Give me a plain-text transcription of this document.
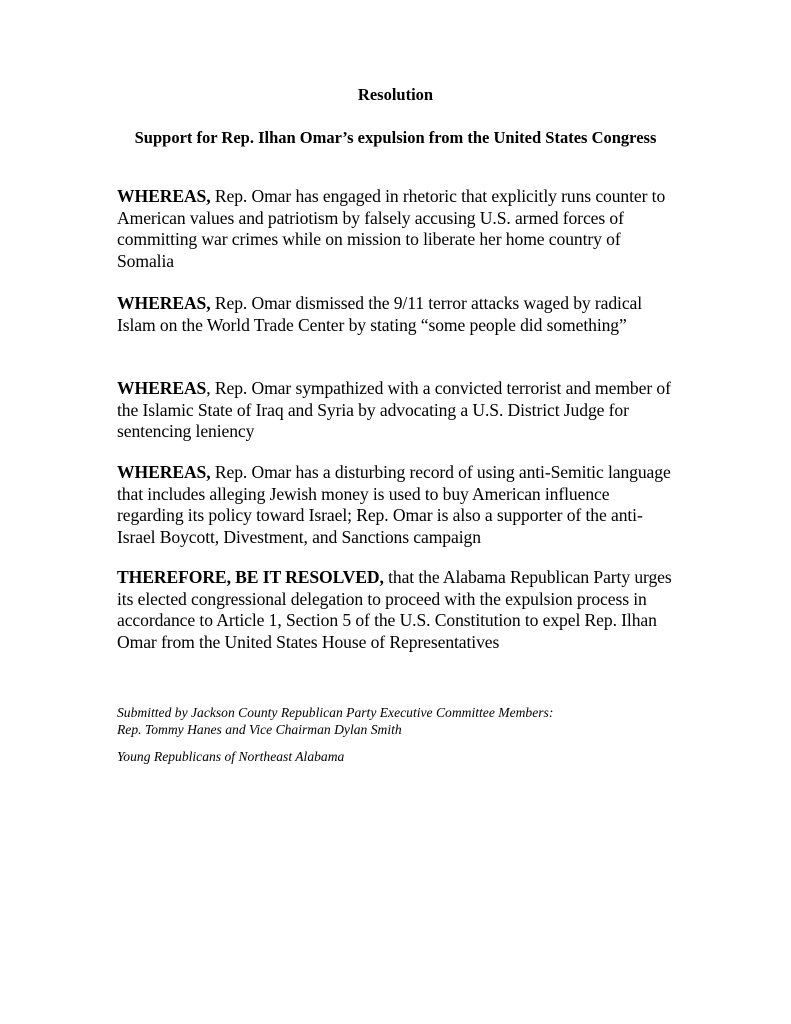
Resolution
Support for Rep. Ilhan Omar’s expulsion from the United States Congress

WHEREAS, Rep. Omar has engaged in rhetoric that explicitly runs counter to American values and patriotism by falsely accusing U.S. armed forces of committing war crimes while on mission to liberate her home country of Somalia

WHEREAS, Rep. Omar dismissed the 9/11 terror attacks waged by radical Islam on the World Trade Center by stating “some people did something”

WHEREAS, Rep. Omar sympathized with a convicted terrorist and member of the Islamic State of Iraq and Syria by advocating a U.S. District Judge for sentencing leniency

WHEREAS, Rep. Omar has a disturbing record of using anti-Semitic language that includes alleging Jewish money is used to buy American influence regarding its policy toward Israel; Rep. Omar is also a supporter of the anti-Israel Boycott, Divestment, and Sanctions campaign

THEREFORE, BE IT RESOLVED, that the Alabama Republican Party urges its elected congressional delegation to proceed with the expulsion process in accordance to Article 1, Section 5 of the U.S. Constitution to expel Rep. Ilhan Omar from the United States House of Representatives

Submitted by Jackson County Republican Party Executive Committee Members:
Rep. Tommy Hanes and Vice Chairman Dylan Smith

Young Republicans of Northeast Alabama
